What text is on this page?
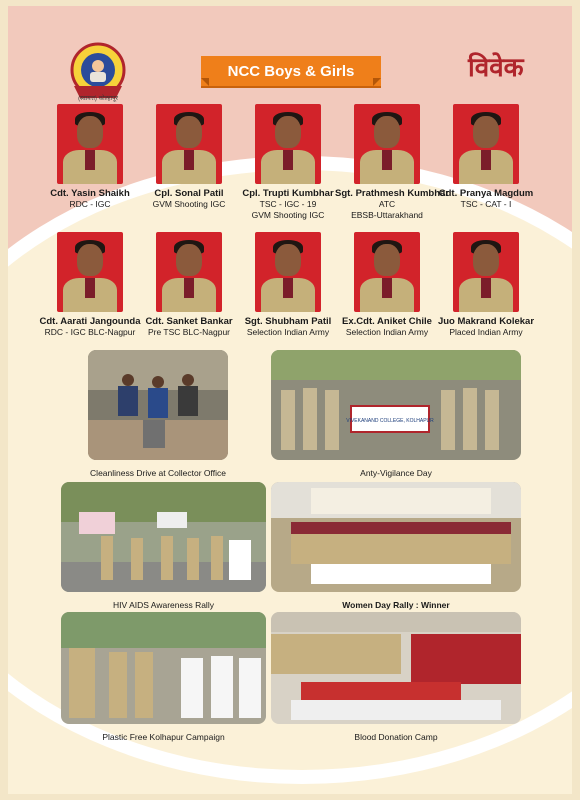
(स्वायत्त) कोल्हापूर
NCC Boys & Girls	विवेक
Cdt. Yasin Shaikh
RDC - IGC
Cpl. Sonal Patil
GVM Shooting IGC
Cpl. Trupti Kumbhar
TSC - IGC - 19
GVM Shooting IGC
Sgt. Prathmesh Kumbhar
ATC
EBSB-Uttarakhand
Cdt. Pranya Magdum
TSC - CAT - I
Cdt. Aarati Jangounda
RDC - IGC BLC-Nagpur
Cdt. Sanket Bankar
Pre TSC BLC-Nagpur
Sgt. Shubham Patil
Selection Indian Army
Ex.Cdt. Aniket Chile
Selection Indian Army
Juo Makrand Kolekar
Placed Indian Army
Cleanliness Drive at Collector Office
VIVEKANAND COLLEGE, KOLHAPUR
Anty-Vigilance Day
HIV AIDS Awareness Rally	Women Day Rally : Winner
Plastic Free Kolhapur Campaign	Blood Donation Camp
